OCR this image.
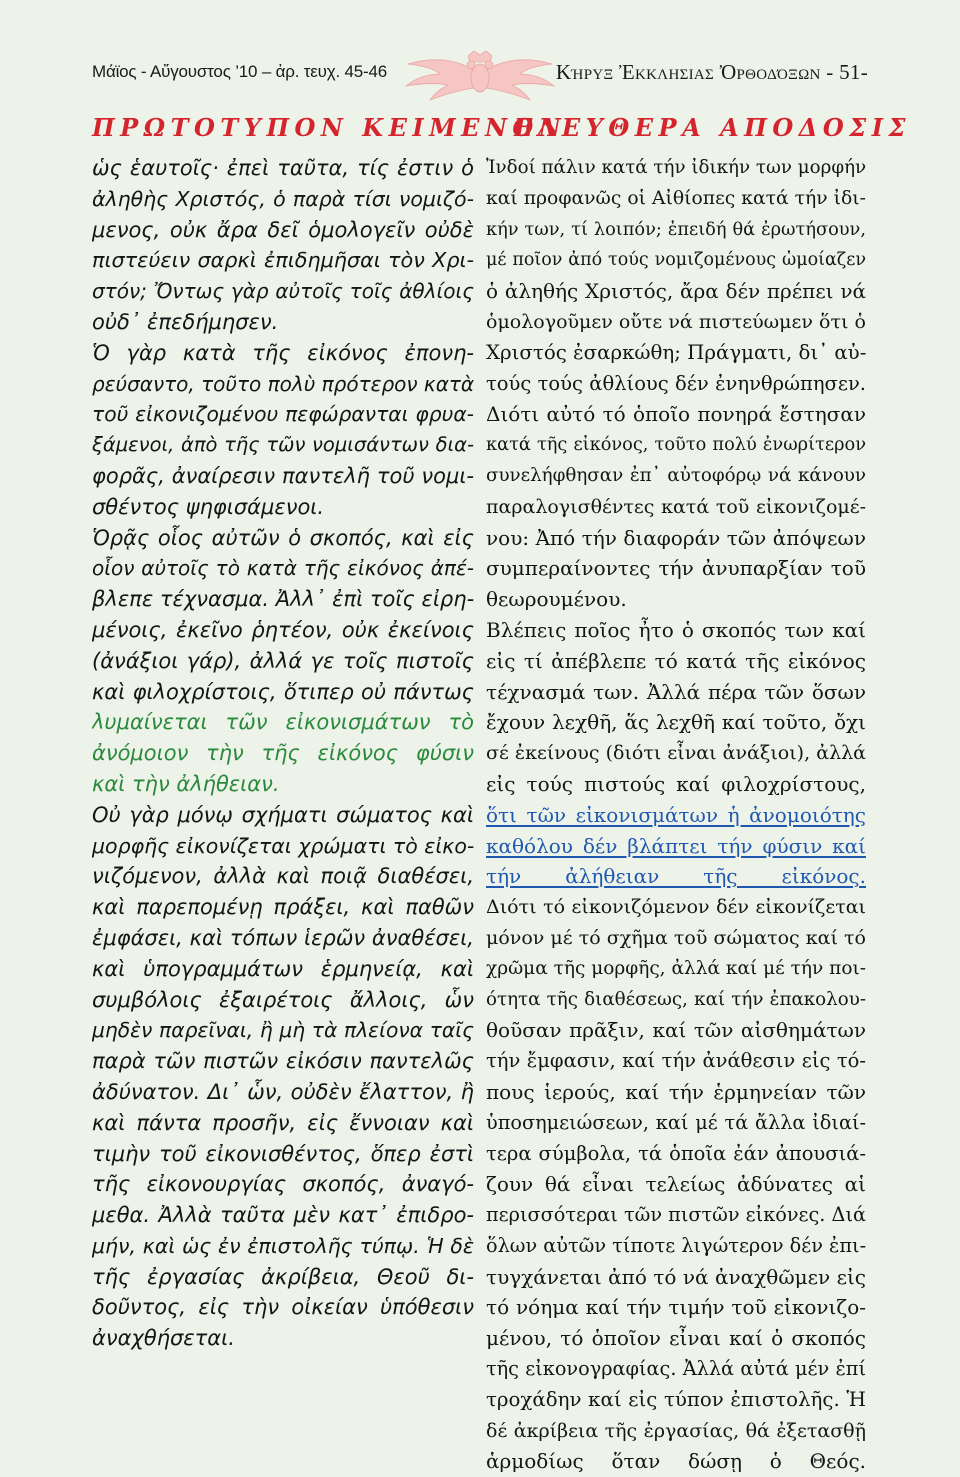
Μάϊος - Αὔγουστος ’10 – ἀρ. τευχ. 45-46	Κήρυξ Ἐκκλησιας Ὀρθοδόξων - 51-
ΠΡΩΤΟΤΥΠΟΝ ΚΕΙΜΕΝΟΝ
ΕΛΕΥΘΕΡΑ ΑΠΟΔΟΣΙΣ
ὡς ἑαυτοῖς· ἐπεὶ ταῦτα, τίς ἐστιν ὁ
ἀληθὴς Χριστός, ὁ παρὰ τίσι νομιζό-
μενος, οὐκ ἄρα δεῖ ὁμολογεῖν οὐδὲ
πιστεύειν σαρκὶ ἐπιδημῆσαι τὸν Χρι-
στόν; Ὄντως γὰρ αὐτοῖς τοῖς ἀθλίοις
οὐδ᾽ ἐπεδήμησεν.
Ὁ γὰρ κατὰ τῆς εἰκόνος ἐπονη-
ρεύσαντο, τοῦτο πολὺ πρότερον κατὰ
τοῦ εἰκονιζομένου πεφώρανται φρυα-
ξάμενοι, ἀπὸ τῆς τῶν νομισάντων δια-
φορᾶς, ἀναίρεσιν παντελῆ τοῦ νομι-
σθέντος ψηφισάμενοι.
Ὁρᾷς οἷος αὐτῶν ὁ σκοπός, καὶ εἰς
οἷον αὐτοῖς τὸ κατὰ τῆς εἰκόνος ἀπέ-
βλεπε τέχνασμα. Ἀλλ᾽ ἐπὶ τοῖς εἰρη-
μένοις, ἐκεῖνο ῥητέον, οὐκ ἐκείνοις
(ἀνάξιοι γάρ), ἀλλά γε τοῖς πιστοῖς
καὶ φιλοχρίστοις, ὅτιπερ οὐ πάντως
λυμαίνεται τῶν εἰκονισμάτων τὸ
ἀνόμοιον τὴν τῆς εἰκόνος φύσιν
καὶ τὴν ἀλήθειαν.
Οὐ γὰρ μόνῳ σχήματι σώματος καὶ
μορφῆς εἰκονίζεται χρώματι τὸ εἰκο-
νιζόμενον, ἀλλὰ καὶ ποιᾷ διαθέσει,
καὶ παρεπομένῃ πράξει, καὶ παθῶν
ἐμφάσει, καὶ τόπων ἱερῶν ἀναθέσει,
καὶ ὑπογραμμάτων ἑρμηνείᾳ, καὶ
συμβόλοις ἐξαιρέτοις ἄλλοις, ὧν
μηδὲν παρεῖναι, ἢ μὴ τὰ πλείονα ταῖς
παρὰ τῶν πιστῶν εἰκόσιν παντελῶς
ἀδύνατον. Δι᾽ ὧν, οὐδὲν ἔλαττον, ἢ
καὶ πάντα προσῆν, εἰς ἔννοιαν καὶ
τιμὴν τοῦ εἰκονισθέντος, ὅπερ ἐστὶ
τῆς εἰκονουργίας σκοπός, ἀναγό-
μεθα. Ἀλλὰ ταῦτα μὲν κατ᾽ ἐπιδρο-
μήν, καὶ ὡς ἐν ἐπιστολῆς τύπῳ. Ἡ δὲ
τῆς ἐργασίας ἀκρίβεια, Θεοῦ δι-
δοῦντος, εἰς τὴν οἰκείαν ὑπόθεσιν
ἀναχθήσεται.
Ἰνδοί πάλιν κατά τήν ἰδικήν των μορφήν
καί προφανῶς οἱ Αἰθίοπες κατά τήν ἰδι-
κήν των, τί λοιπόν; ἐπειδή θά ἐρωτήσουν,
μέ ποῖον ἀπό τούς νομιζομένους ὡμοίαζεν
ὁ ἀληθής Χριστός, ἄρα δέν πρέπει νά
ὁμολογοῦμεν οὔτε νά πιστεύωμεν ὅτι ὁ
Χριστός ἐσαρκώθη; Πράγματι, δι᾽ αὐ-
τούς τούς ἀθλίους δέν ἐνηνθρώπησεν.
Διότι αὐτό τό ὁποῖο πονηρά ἔστησαν
κατά τῆς εἰκόνος, τοῦτο πολύ ἐνωρίτερον
συνελήφθησαν ἐπ᾽ αὐτοφόρῳ νά κάνουν
παραλογισθέντες κατά τοῦ εἰκονιζομέ-
νου: Ἀπό τήν διαφοράν τῶν ἀπόψεων
συμπεραίνοντες τήν ἀνυπαρξίαν τοῦ
θεωρουμένου.
Βλέπεις ποῖος ἦτο ὁ σκοπός των καί
εἰς τί ἀπέβλεπε τό κατά τῆς εἰκόνος
τέχνασμά των. Ἀλλά πέρα τῶν ὅσων
ἔχουν λεχθῆ, ἅς λεχθῆ καί τοῦτο, ὄχι
σέ ἐκείνους (διότι εἶναι ἀνάξιοι), ἀλλά
εἰς τούς πιστούς καί φιλοχρίστους,
ὅτι τῶν εἰκονισμάτων ἡ ἀνομοιότης
καθόλου δέν βλάπτει τήν φύσιν καί
τήν ἀλήθειαν τῆς εἰκόνος.
Διότι τό εἰκονιζόμενον δέν εἰκονίζεται
μόνον μέ τό σχῆμα τοῦ σώματος καί τό
χρῶμα τῆς μορφῆς, ἀλλά καί μέ τήν ποι-
ότητα τῆς διαθέσεως, καί τήν ἐπακολου-
θοῦσαν πρᾶξιν, καί τῶν αἰσθημάτων
τήν ἔμφασιν, καί τήν ἀνάθεσιν εἰς τό-
πους ἱερούς, καί τήν ἑρμηνείαν τῶν
ὑποσημειώσεων, καί μέ τά ἄλλα ἰδιαί-
τερα σύμβολα, τά ὁποῖα ἐάν ἀπουσιά-
ζουν θά εἶναι τελείως ἀδύνατες αἱ
περισσότεραι τῶν πιστῶν εἰκόνες. Διά
ὅλων αὐτῶν τίποτε λιγώτερον δέν ἐπι-
τυγχάνεται ἀπό τό νά ἀναχθῶμεν εἰς
τό νόημα καί τήν τιμήν τοῦ εἰκονιζο-
μένου, τό ὁποῖον εἶναι καί ὁ σκοπός
τῆς εἰκονογραφίας. Ἀλλά αὐτά μέν ἐπί
τροχάδην καί εἰς τύπον ἐπιστολῆς. Ἡ
δέ ἀκρίβεια τῆς ἐργασίας, θά ἐξετασθῇ
ἁρμοδίως ὅταν δώσῃ ὁ Θεός.
